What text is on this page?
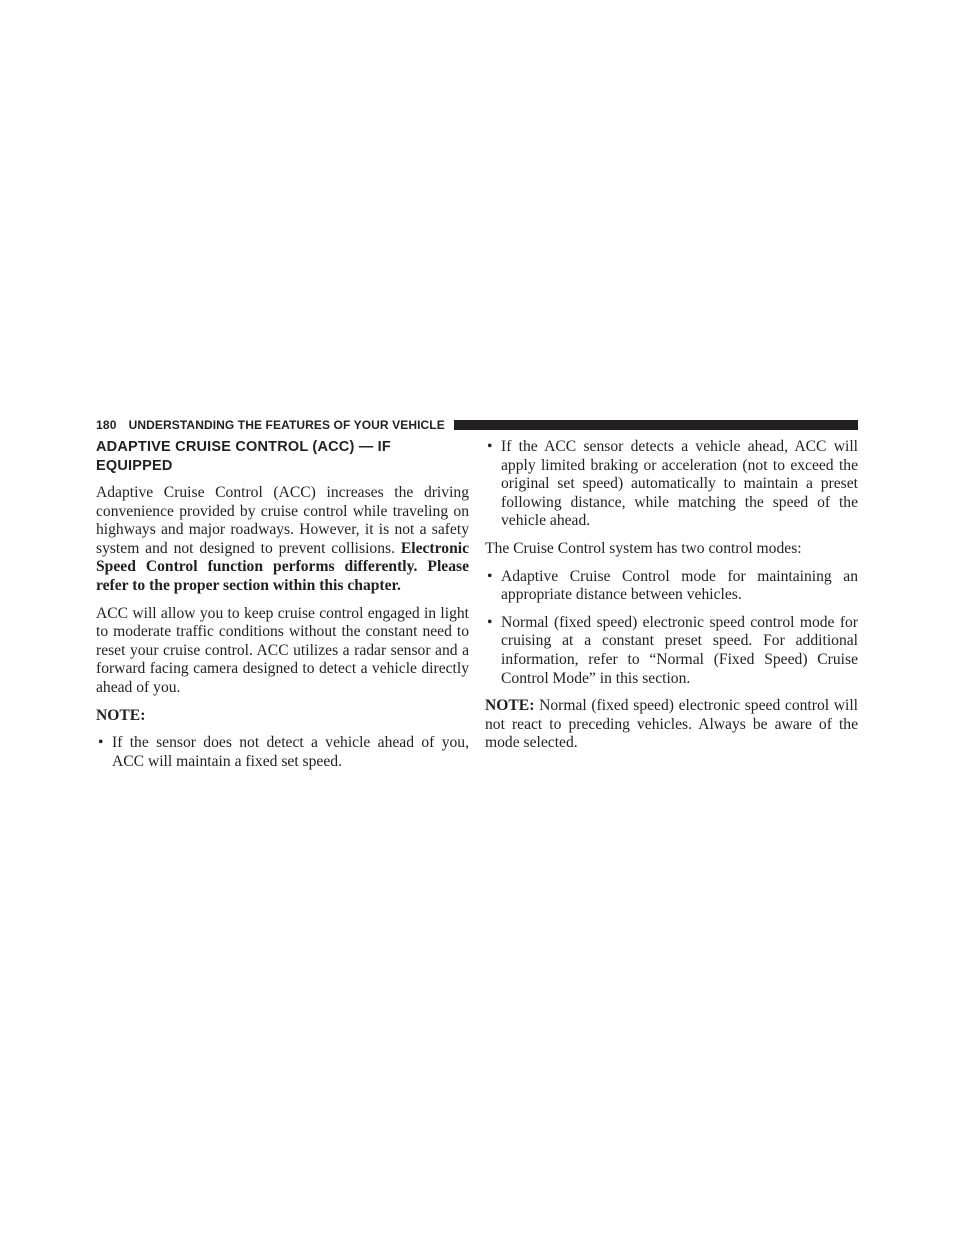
180 UNDERSTANDING THE FEATURES OF YOUR VEHICLE
ADAPTIVE CRUISE CONTROL (ACC) — IF EQUIPPED

Adaptive Cruise Control (ACC) increases the driving convenience provided by cruise control while traveling on highways and major roadways. However, it is not a safety system and not designed to prevent collisions. Electronic Speed Control function performs differently. Please refer to the proper section within this chapter.

ACC will allow you to keep cruise control engaged in light to moderate traffic conditions without the constant need to reset your cruise control. ACC utilizes a radar sensor and a forward facing camera designed to detect a vehicle directly ahead of you.

NOTE:

• If the sensor does not detect a vehicle ahead of you, ACC will maintain a fixed set speed.
• If the ACC sensor detects a vehicle ahead, ACC will apply limited braking or acceleration (not to exceed the original set speed) automatically to maintain a preset following distance, while matching the speed of the vehicle ahead.

The Cruise Control system has two control modes:

• Adaptive Cruise Control mode for maintaining an appropriate distance between vehicles.
• Normal (fixed speed) electronic speed control mode for cruising at a constant preset speed. For additional information, refer to “Normal (Fixed Speed) Cruise Control Mode” in this section.

NOTE: Normal (fixed speed) electronic speed control will not react to preceding vehicles. Always be aware of the mode selected.
